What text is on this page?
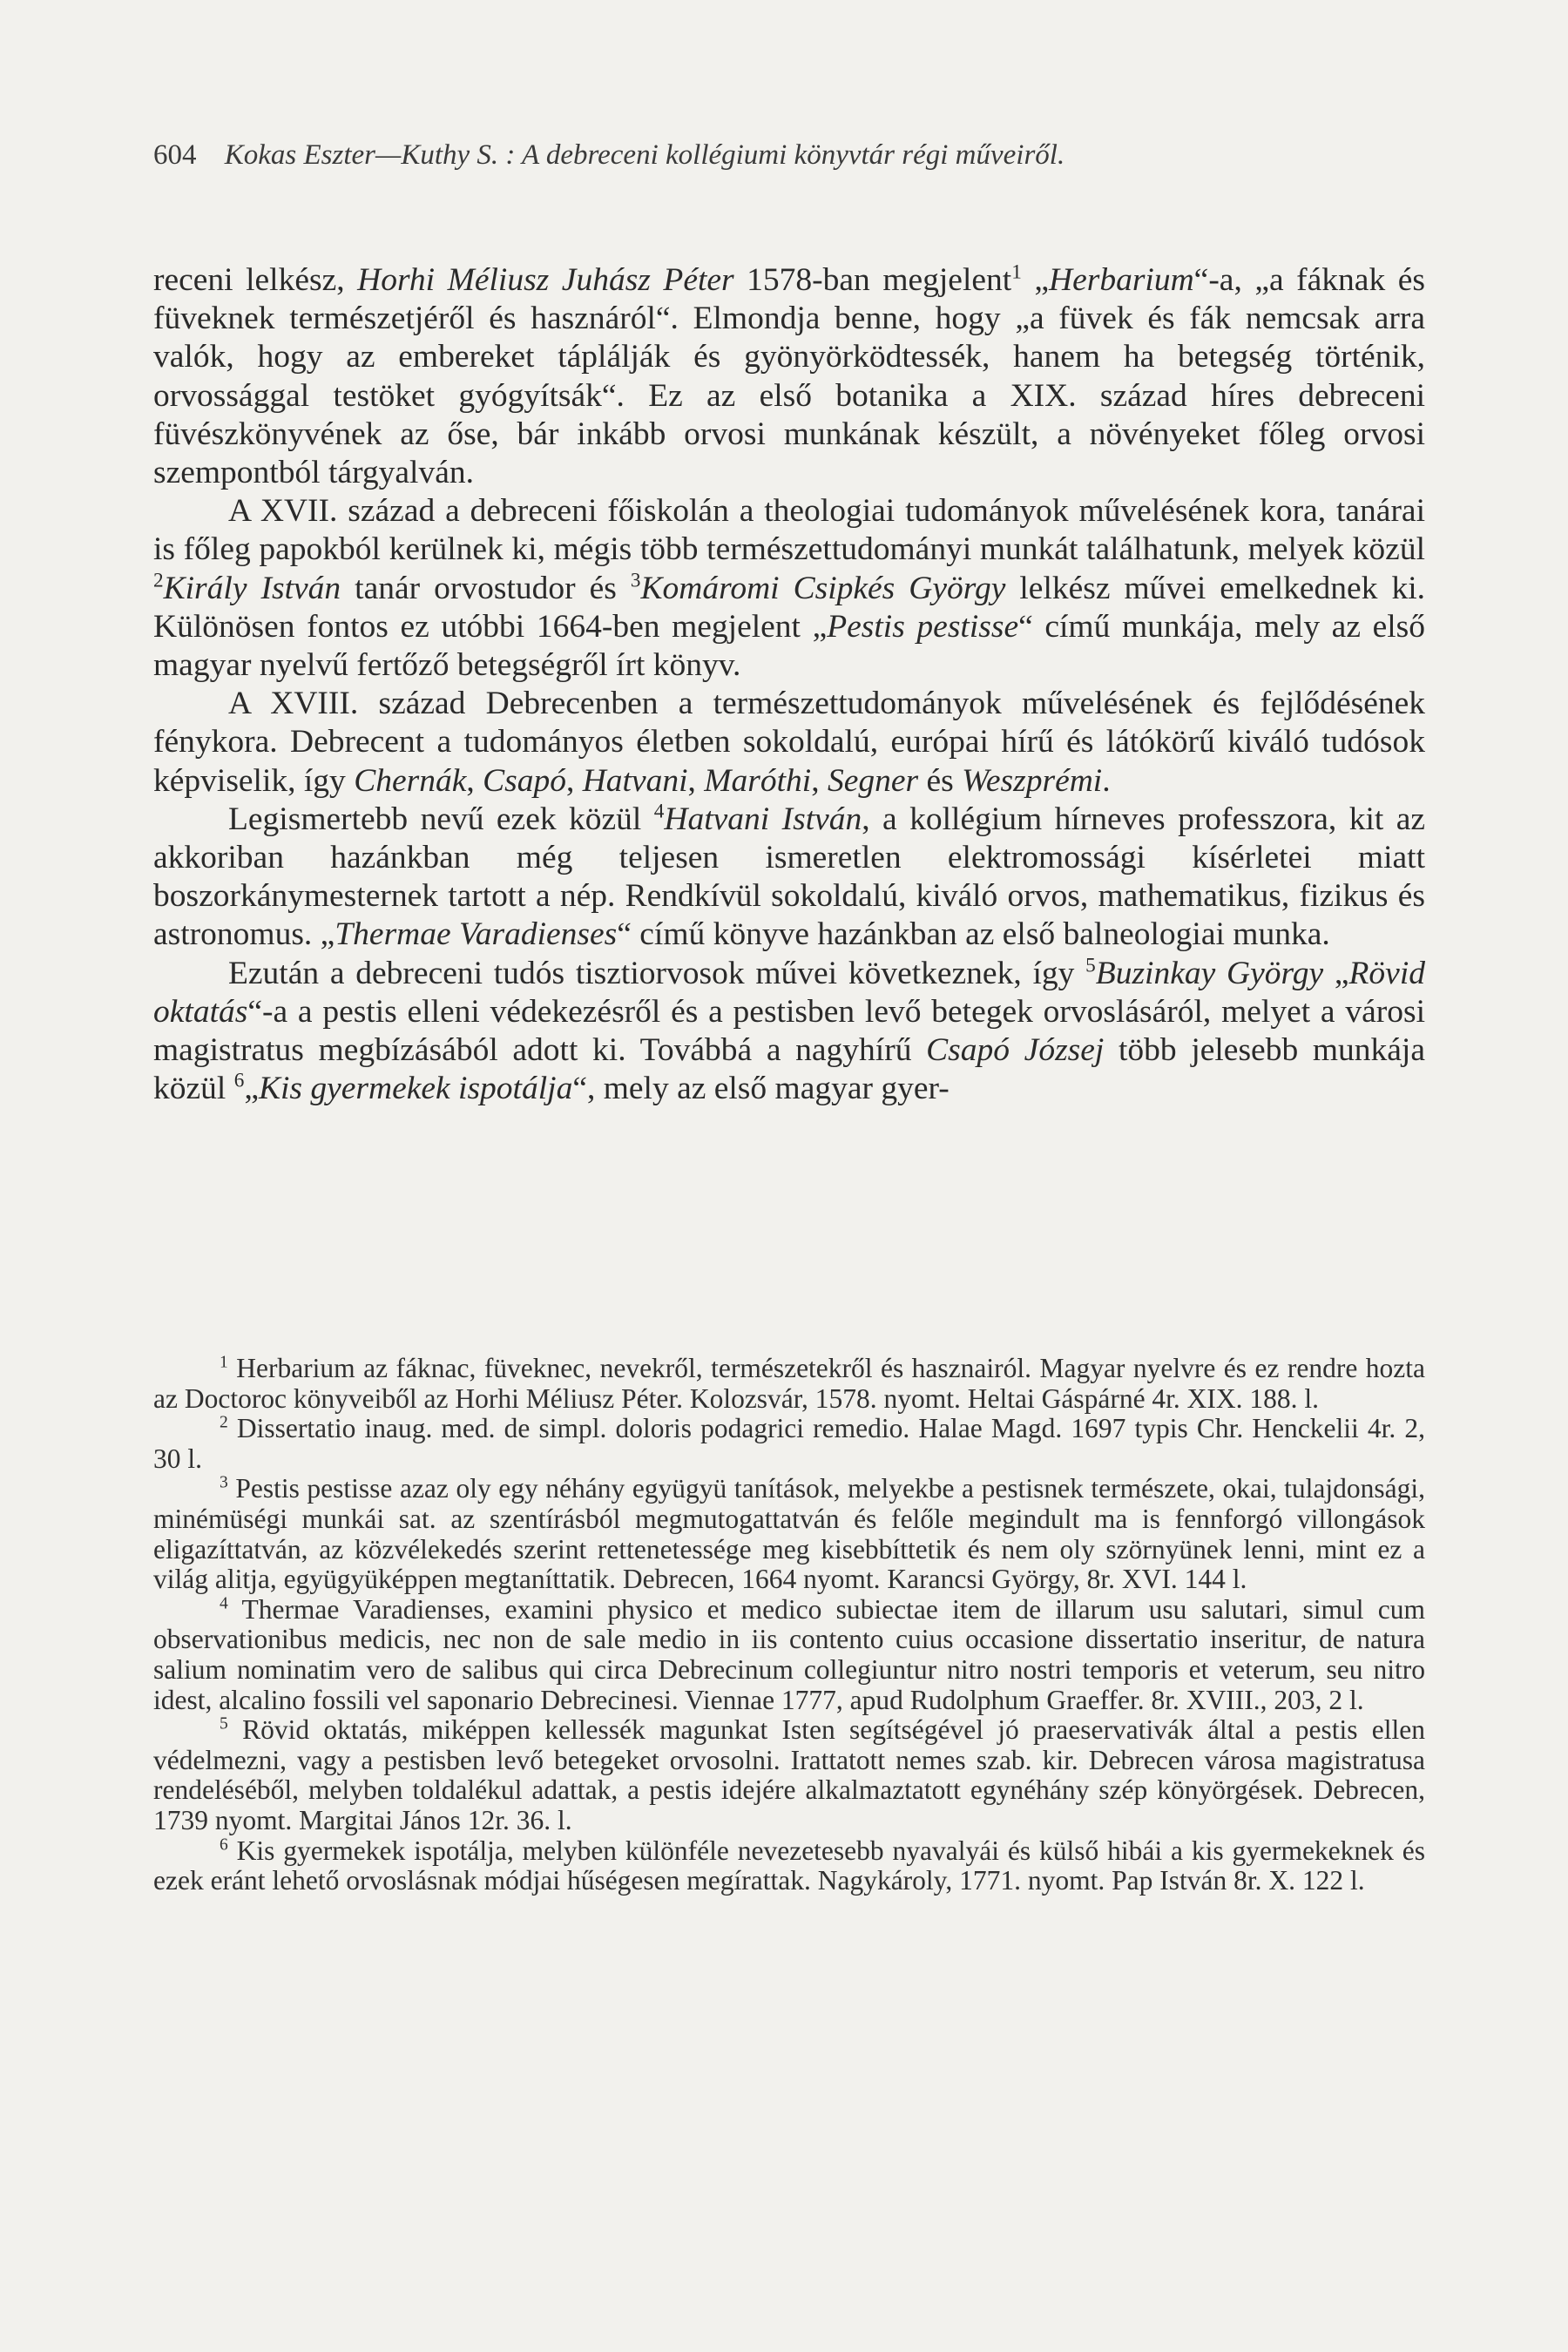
604 Kokas Eszter—Kuthy S. : A debreceni kollégiumi könyvtár régi műveiről.

receni lelkész, Horhi Méliusz Juhász Péter 1578-ban megjelent$^1$ „Herbarium“-a, „a fáknak és füveknek természetjéről és hasznáról“. Elmondja benne, hogy „a füvek és fák nemcsak arra valók, hogy az embereket táplálják és gyönyörködtessék, hanem ha betegség történik, orvossággal testöket gyógyítsák“. Ez az első botanika a XIX. század híres debreceni füvészkönyvének az őse, bár inkább orvosi munkának készült, a növényeket főleg orvosi szempontból tárgyalván.

A XVII. század a debreceni főiskolán a theologiai tudományok művelésének kora, tanárai is főleg papokból kerülnek ki, mégis több természettudományi munkát találhatunk, melyek közül $^2$Király István tanár orvostudor és $^3$Komáromi Csipkés György lelkész művei emelkednek ki. Különösen fontos ez utóbbi 1664-ben megjelent „Pestis pestisse“ című munkája, mely az első magyar nyelvű fertőző betegségről írt könyv.

A XVIII. század Debrecenben a természettudományok művelésének és fejlődésének fénykora. Debrecent a tudományos életben sokoldalú, európai hírű és látókörű kiváló tudósok képviselik, így Chernák, Csapó, Hatvani, Maróthi, Segner és Weszprémi.

Legismertebb nevű ezek közül $^4$Hatvani István, a kollégium hírneves professzora, kit az akkoriban hazánkban még teljesen ismeretlen elektromossági kísérletei miatt boszorkánymesternek tartott a nép. Rendkívül sokoldalú, kiváló orvos, mathematikus, fizikus és astronomus. „Thermae Varadienses“ című könyve hazánkban az első balneologiai munka.

Ezután a debreceni tudós tisztiorvosok művei következnek, így $^5$Buzinkay György „Rövid oktatás“-a a pestis elleni védekezésről és a pestisben levő betegek orvoslásáról, melyet a városi magistratus megbízásából adott ki. Továbbá a nagyhírű Csapó Józsej több jelesebb munkája közül $^6$„Kis gyermekek ispotálja“, mely az első magyar gyer-

$^1$ Herbarium az fáknac, füveknec, nevekről, természetekről és hasznairól. Magyar nyelvre és ez rendre hozta az Doctoroc könyveiből az Horhi Méliusz Péter. Kolozsvár, 1578. nyomt. Heltai Gáspárné 4r. XIX. 188. l.

$^2$ Dissertatio inaug. med. de simpl. doloris podagrici remedio. Halae Magd. 1697 typis Chr. Henckelii 4r. 2, 30 l.

$^3$ Pestis pestisse azaz oly egy néhány együgyü tanítások, melyekbe a pestisnek természete, okai, tulajdonsági, minémüségi munkái sat. az szentírásból megmutogattatván és felőle megindult ma is fennforgó villongások eligazíttatván, az közvélekedés szerint rettenetessége meg kisebbíttetik és nem oly szörnyünek lenni, mint ez a világ alitja, együgyüképpen megtaníttatik. Debrecen, 1664 nyomt. Karancsi György, 8r. XVI. 144 l.

$^4$ Thermae Varadienses, examini physico et medico subiectae item de illarum usu salutari, simul cum observationibus medicis, nec non de sale medio in iis contento cuius occasione dissertatio inseritur, de natura salium nominatim vero de salibus qui circa Debrecinum collegiuntur nitro nostri temporis et veterum, seu nitro idest, alcalino fossili vel saponario Debrecinesi. Viennae 1777, apud Rudolphum Graeffer. 8r. XVIII., 203, 2 l.

$^5$ Rövid oktatás, miképpen kellessék magunkat Isten segítségével jó praeservativák által a pestis ellen védelmezni, vagy a pestisben levő betegeket orvosolni. Irattatott nemes szab. kir. Debrecen városa magistratusa rendeléséből, melyben toldalékul adattak, a pestis idejére alkalmaztatott egynéhány szép könyörgések. Debrecen, 1739 nyomt. Margitai János 12r. 36. l.

$^6$ Kis gyermekek ispotálja, melyben különféle nevezetesebb nyavalyái és külső hibái a kis gyermekeknek és ezek eránt lehető orvoslásnak módjai hűségesen megírattak. Nagykároly, 1771. nyomt. Pap István 8r. X. 122 l.
